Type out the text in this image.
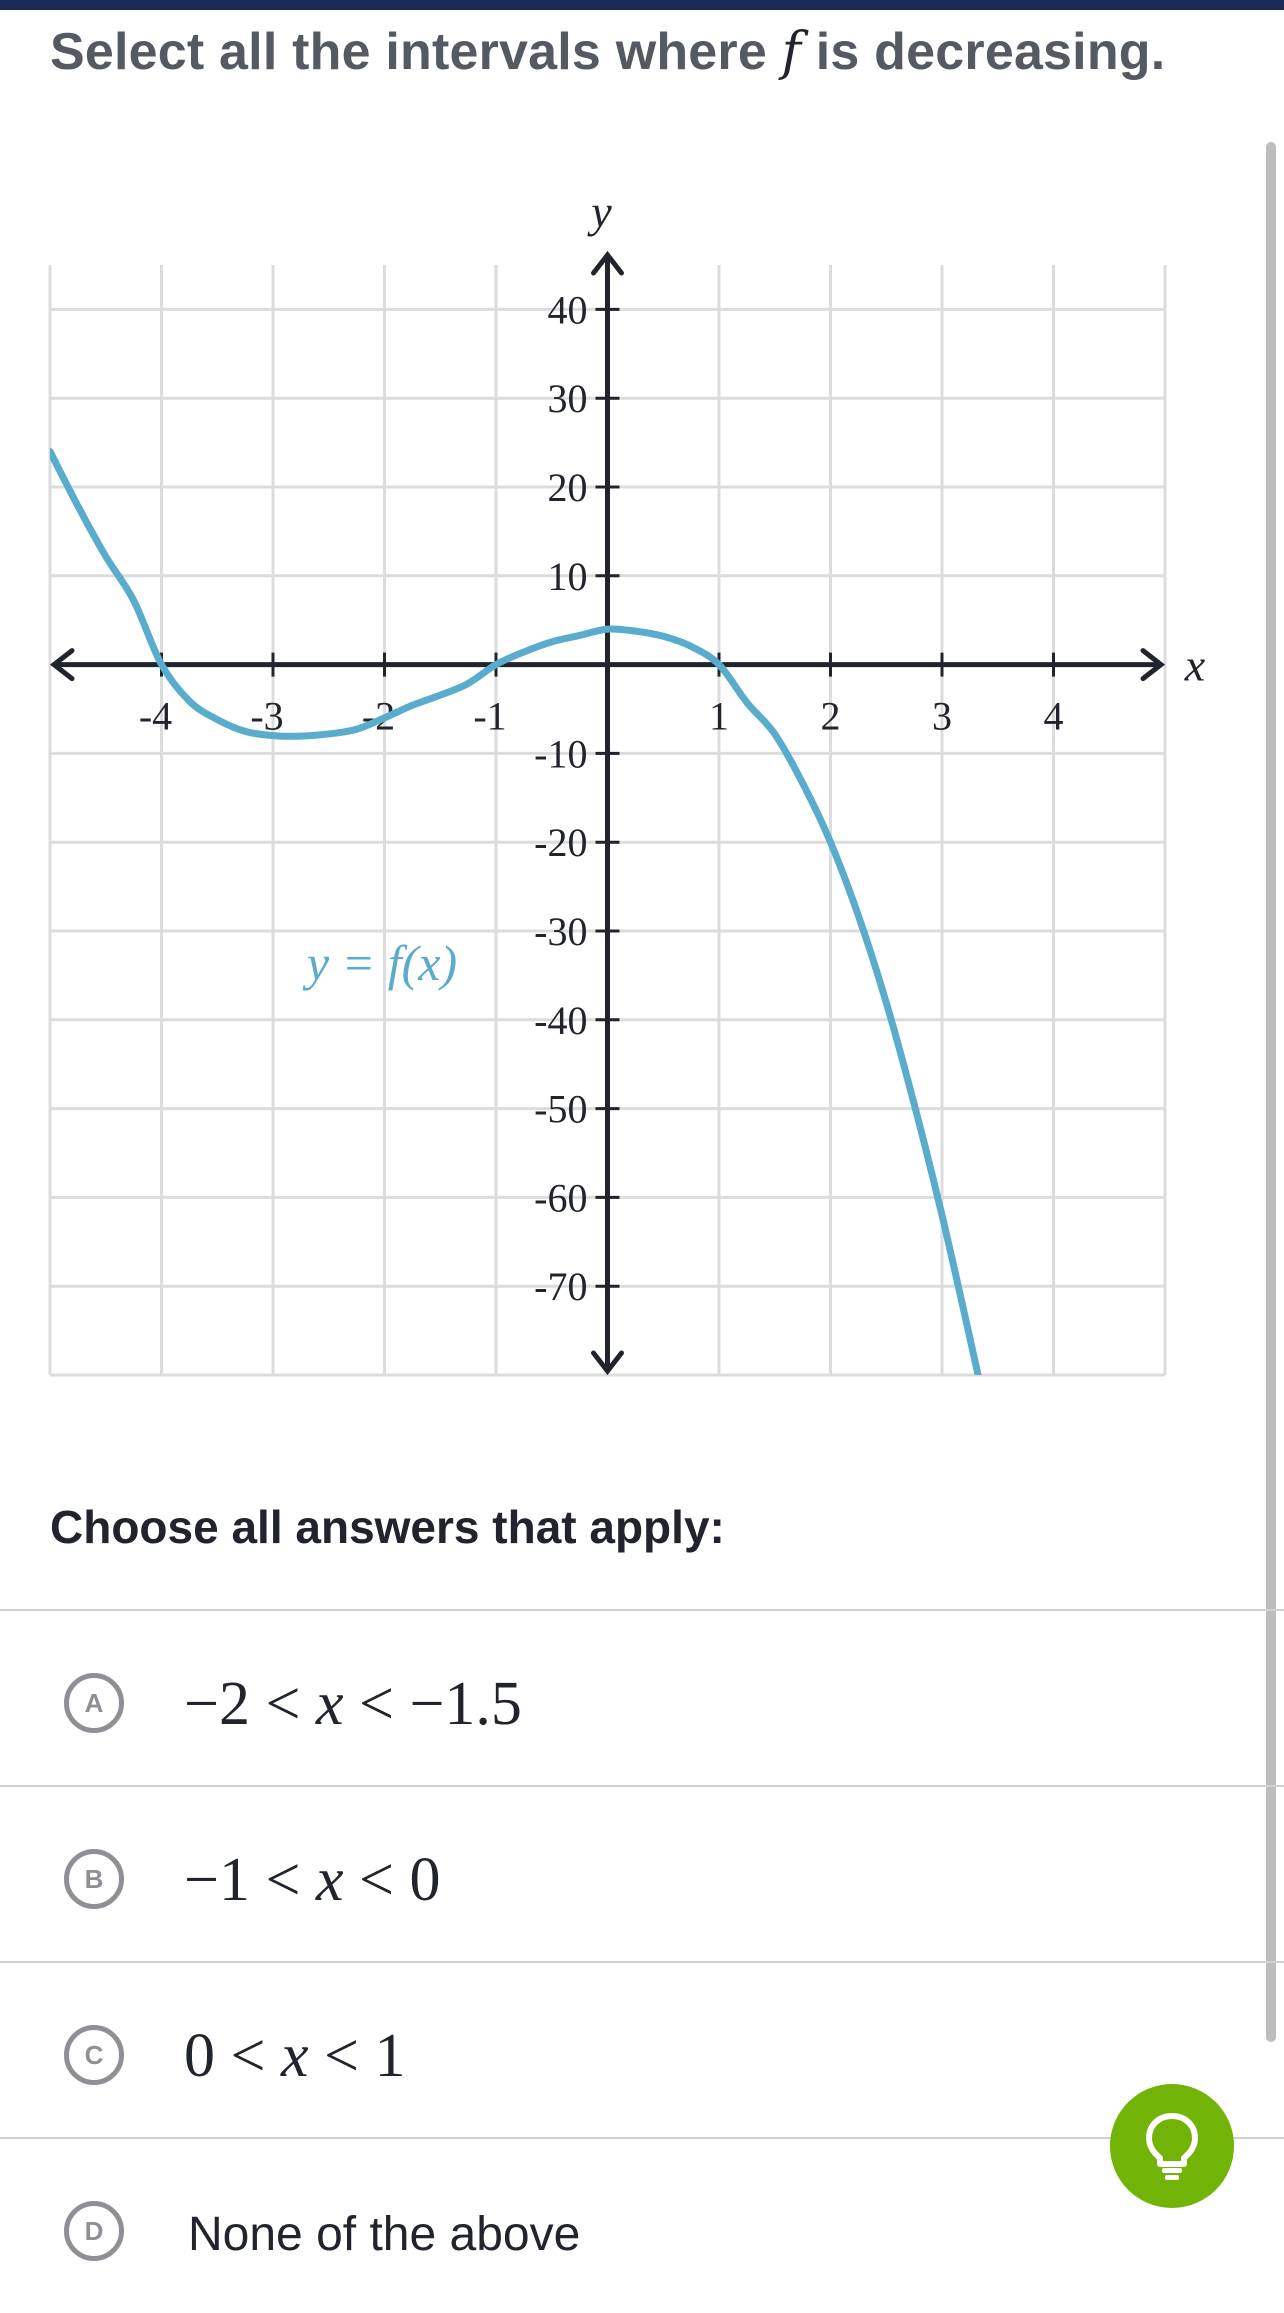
Select all the intervals where f is decreasing.
x
y
-4 -3 -2 -1	1 2 3 4
40
30
20
10
-10
-20
-30
-40
-50
-60
-70
y = f(x)
Choose all answers that apply:
A	−2 < x < −1.5
B	−1 < x < 0
C	0 < x < 1
D	None of the above
